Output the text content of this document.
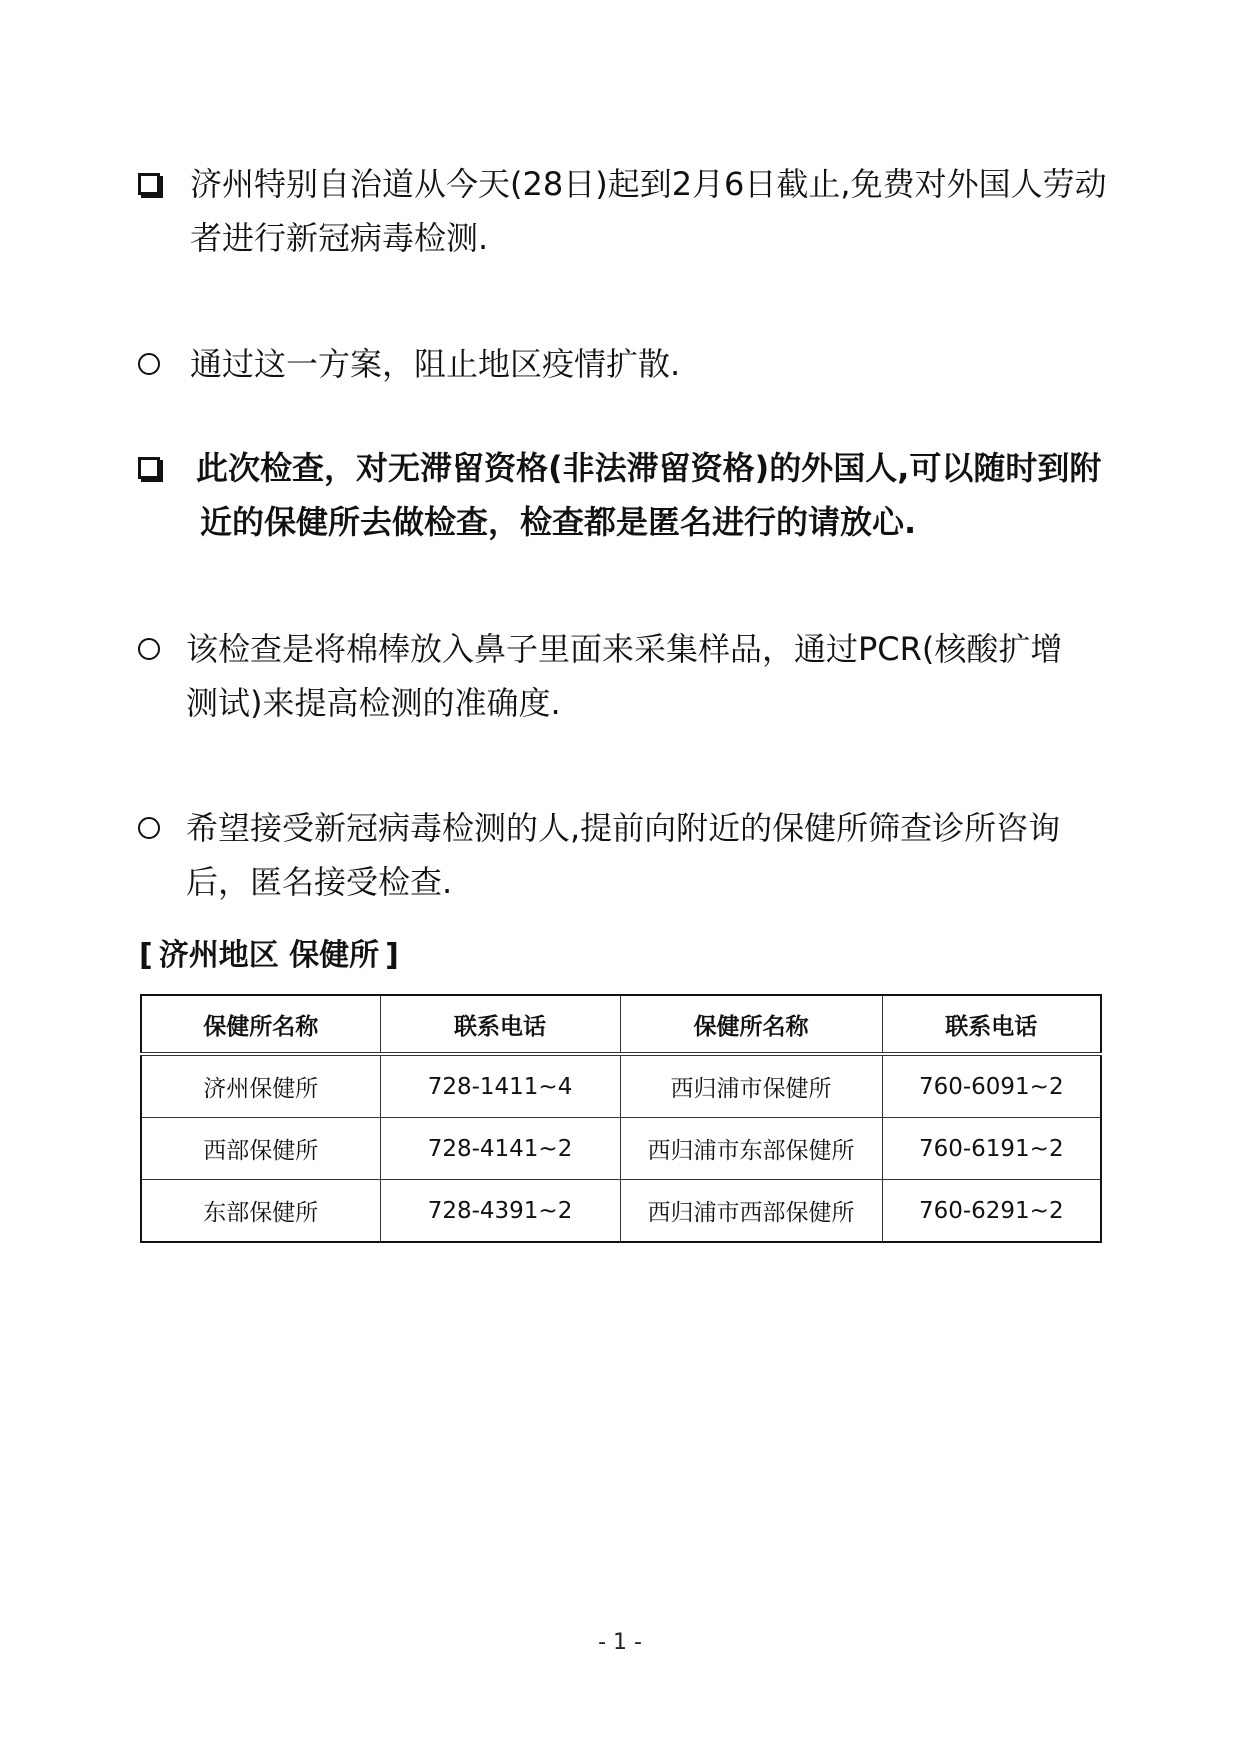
济州特别自治道从今天(28日)起到2月6日截止,免费对外国人劳动
者进行新冠病毒检测.
通过这一方案，阻止地区疫情扩散.
此次检查，对无滞留资格(非法滞留资格)的外国人,可以随时到附
近的保健所去做检查，检查都是匿名进行的请放心.
该检查是将棉棒放入鼻子里面来采集样品，通过PCR(核酸扩增
测试)来提高检测的准确度.
希望接受新冠病毒检测的人,提前向附近的保健所筛查诊所咨询
后，匿名接受检查.
[ 济州地区 保健所 ]
保健所名称	联系电话	保健所名称	联系电话
济州保健所	728-1411~4	西归浦市保健所	760-6091~2
西部保健所	728-4141~2	西归浦市东部保健所	760-6191~2
东部保健所	728-4391~2	西归浦市西部保健所	760-6291~2
- 1 -
